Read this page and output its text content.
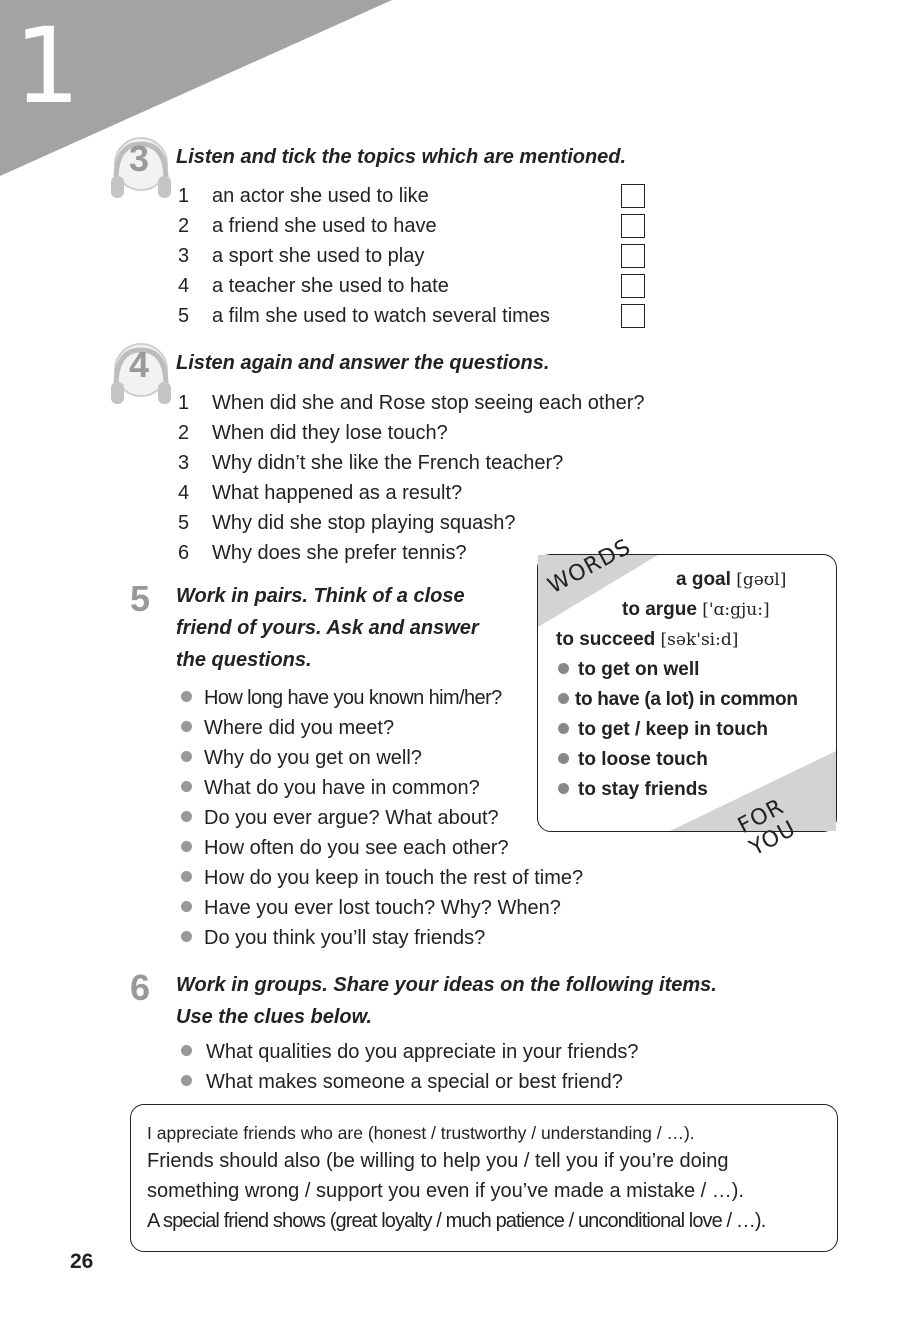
1
3 Listen and tick the topics which are mentioned.

1 an actor she used to like
2 a friend she used to have
3 a sport she used to play
4 a teacher she used to hate
5 a film she used to watch several times
4 Listen again and answer the questions.

1 When did she and Rose stop seeing each other?
2 When did they lose touch?
3 Why didn’t she like the French teacher?
4 What happened as a result?
5 Why did she stop playing squash?
6 Why does she prefer tennis?
5 Work in pairs. Think of a close

friend of yours. Ask and answer

the questions.

How long have you known him/her?
Where did you meet?
Why do you get on well?
What do you have in common?
Do you ever argue? What about?
How often do you see each other?
How do you keep in touch the rest of time?
Have you ever lost touch? Why? When?
Do you think you’ll stay friends?
WORDS
FOR YOU
a goal [gəʊl]
to argue ['ɑ:gju:]
to succeed [sək'si:d]
to get on well
to have (a lot) in common
to get / keep in touch
to loose touch
to stay friends
6 Work in groups. Share your ideas on the following items.

Use the clues below.

What qualities do you appreciate in your friends?
What makes someone a special or best friend?
I appreciate friends who are (honest / trustworthy / understanding / …).
Friends should also (be willing to help you / tell you if you’re doing
something wrong / support you even if you’ve made a mistake / …).
A special friend shows (great loyalty / much patience / unconditional love / …).
26
